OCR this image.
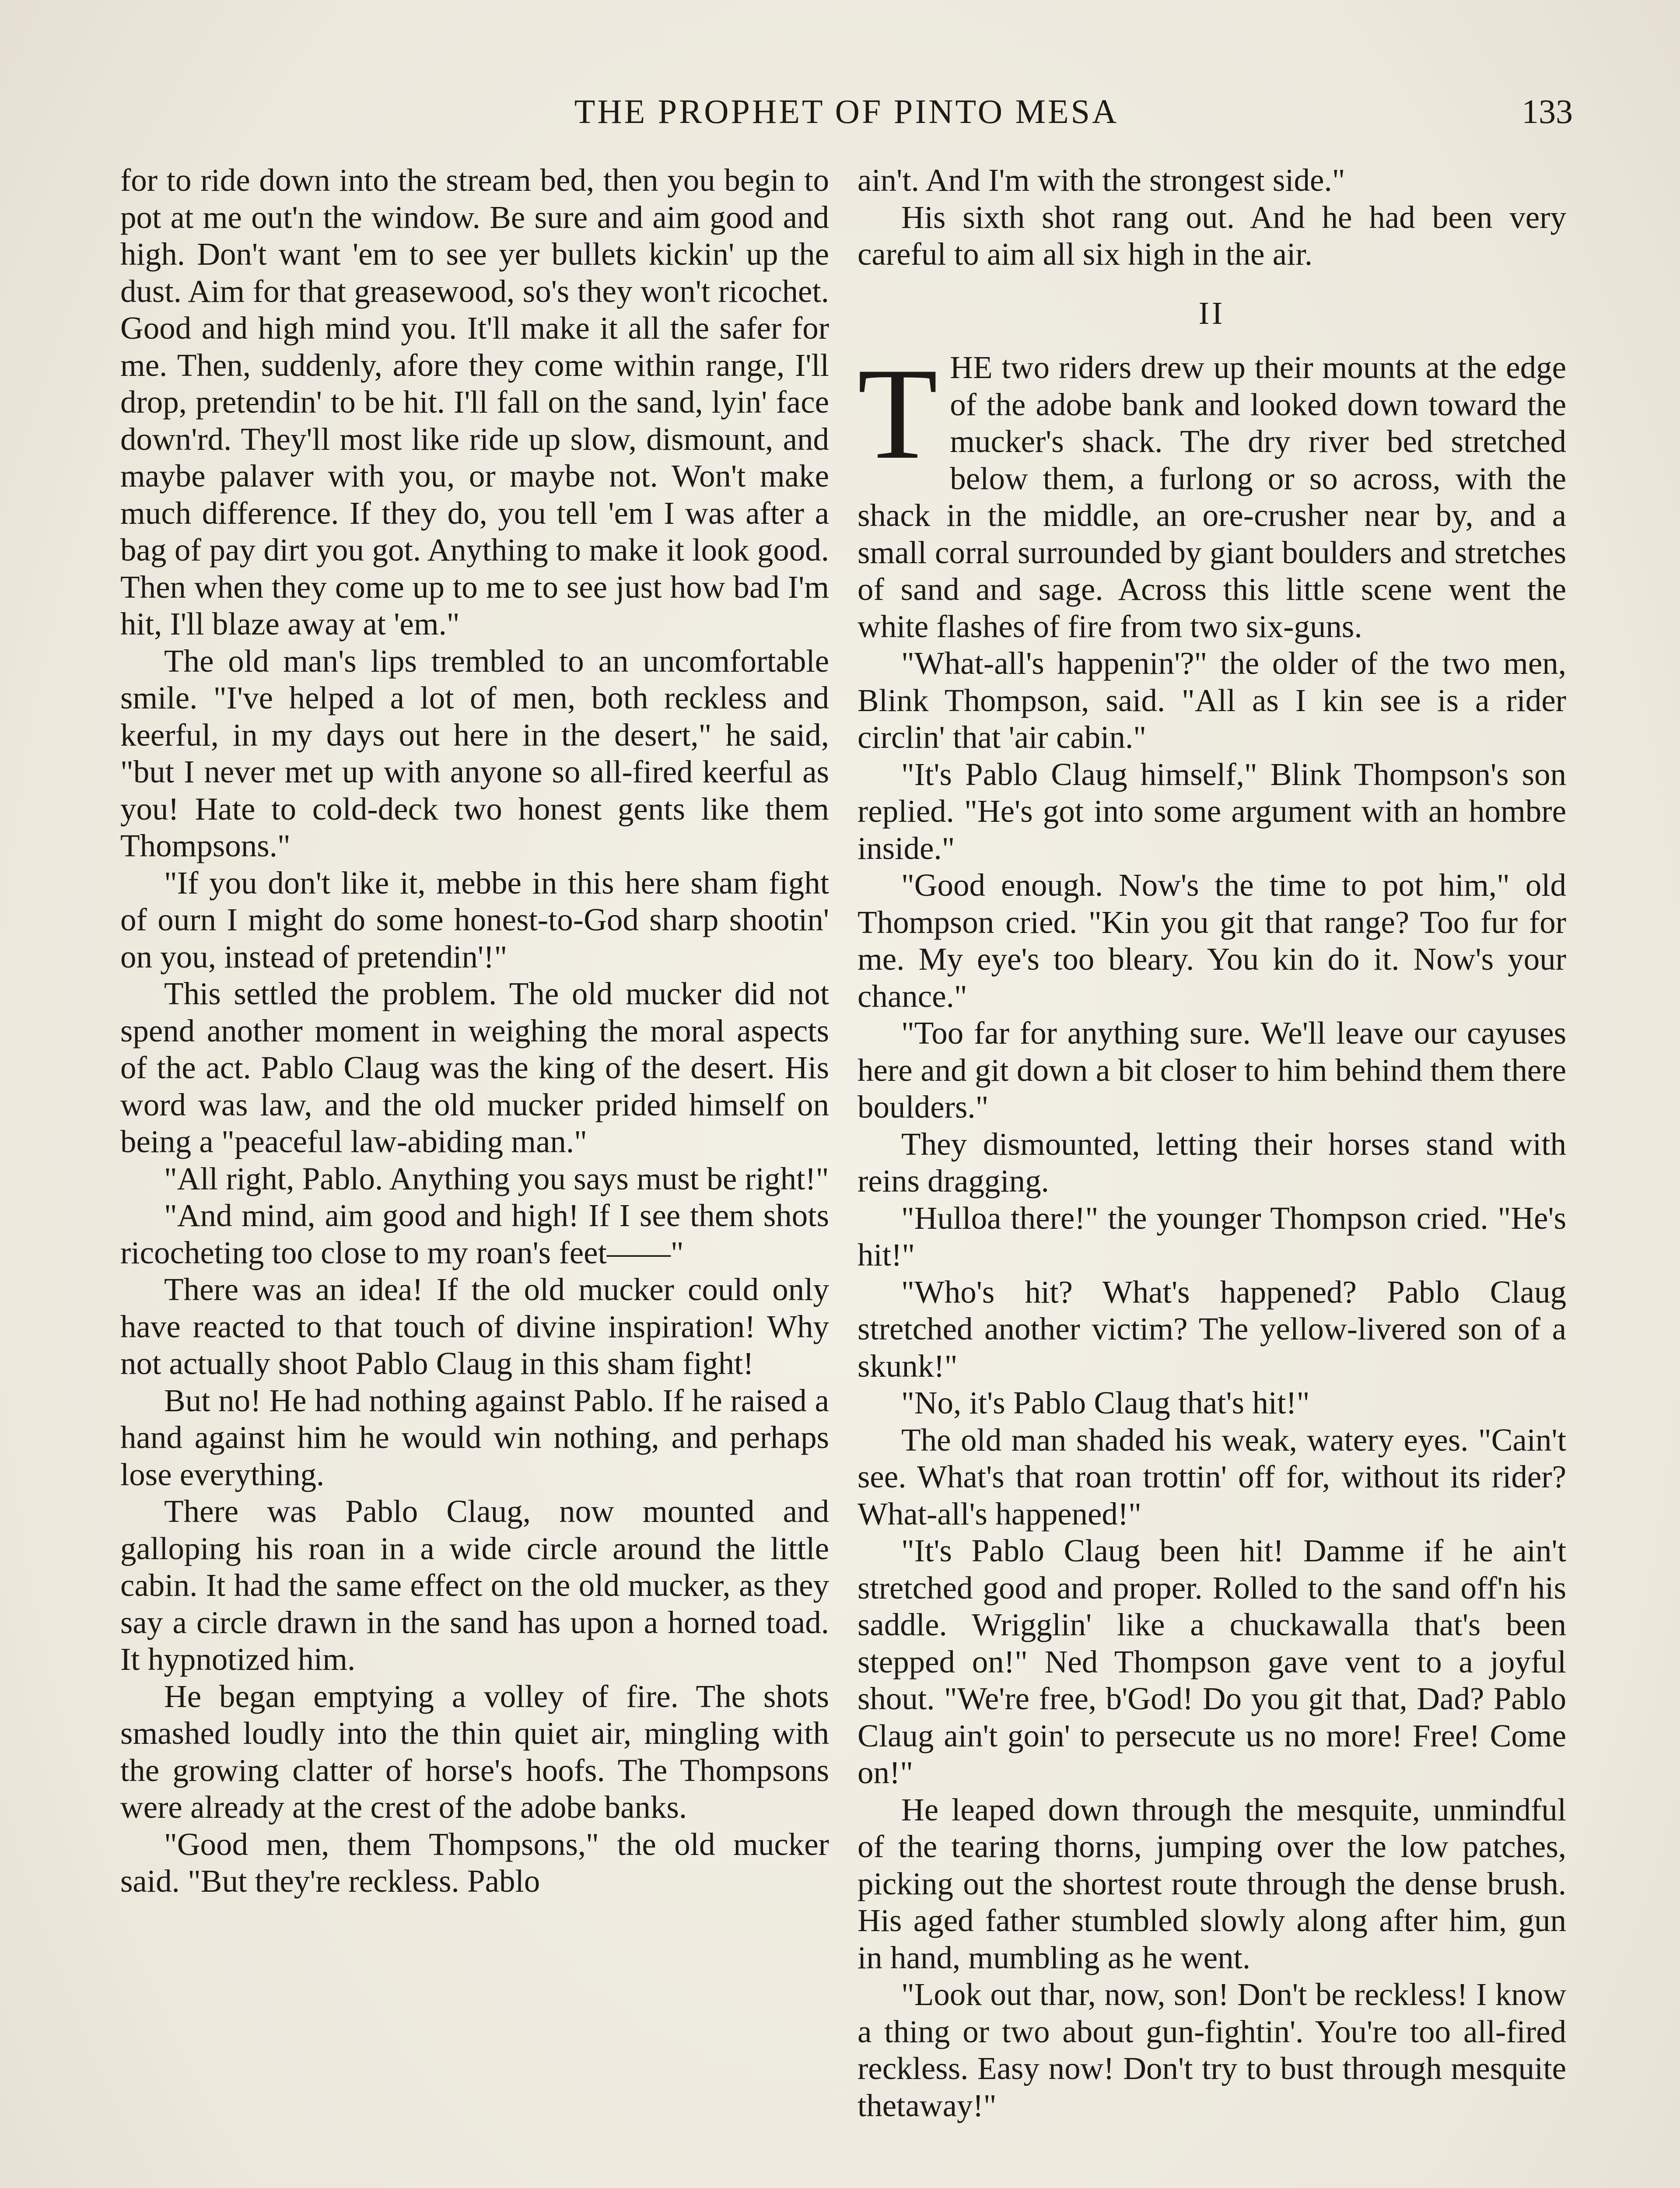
THE PROPHET OF PINTO MESA	133

for to ride down into the stream bed, then you begin to pot at me out'n the window. Be sure and aim good and high. Don't want 'em to see yer bullets kickin' up the dust. Aim for that greasewood, so's they won't ricochet. Good and high mind you. It'll make it all the safer for me. Then, suddenly, afore they come within range, I'll drop, pretendin' to be hit. I'll fall on the sand, lyin' face down'rd. They'll most like ride up slow, dismount, and maybe palaver with you, or maybe not. Won't make much difference. If they do, you tell 'em I was after a bag of pay dirt you got. Anything to make it look good. Then when they come up to me to see just how bad I'm hit, I'll blaze away at 'em."

The old man's lips trembled to an uncomfortable smile. "I've helped a lot of men, both reckless and keerful, in my days out here in the desert," he said, "but I never met up with anyone so all-fired keerful as you! Hate to cold-deck two honest gents like them Thompsons."

"If you don't like it, mebbe in this here sham fight of ourn I might do some honest-to-God sharp shootin' on you, instead of pretendin'!"

This settled the problem. The old mucker did not spend another moment in weighing the moral aspects of the act. Pablo Claug was the king of the desert. His word was law, and the old mucker prided himself on being a "peaceful law-abiding man."

"All right, Pablo. Anything you says must be right!"

"And mind, aim good and high! If I see them shots ricocheting too close to my roan's feet——"

There was an idea! If the old mucker could only have reacted to that touch of divine inspiration! Why not actually shoot Pablo Claug in this sham fight!

But no! He had nothing against Pablo. If he raised a hand against him he would win nothing, and perhaps lose everything.

There was Pablo Claug, now mounted and galloping his roan in a wide circle around the little cabin. It had the same effect on the old mucker, as they say a circle drawn in the sand has upon a horned toad. It hypnotized him.

He began emptying a volley of fire. The shots smashed loudly into the thin quiet air, mingling with the growing clatter of horse's hoofs. The Thompsons were already at the crest of the adobe banks.

"Good men, them Thompsons," the old mucker said. "But they're reckless. Pablo

ain't. And I'm with the strongest side."

His sixth shot rang out. And he had been very careful to aim all six high in the air.

II

THE two riders drew up their mounts at the edge of the adobe bank and looked down toward the mucker's shack. The dry river bed stretched below them, a furlong or so across, with the shack in the middle, an ore-crusher near by, and a small corral surrounded by giant boulders and stretches of sand and sage. Across this little scene went the white flashes of fire from two six-guns.

"What-all's happenin'?" the older of the two men, Blink Thompson, said. "All as I kin see is a rider circlin' that 'air cabin."

"It's Pablo Claug himself," Blink Thompson's son replied. "He's got into some argument with an hombre inside."

"Good enough. Now's the time to pot him," old Thompson cried. "Kin you git that range? Too fur for me. My eye's too bleary. You kin do it. Now's your chance."

"Too far for anything sure. We'll leave our cayuses here and git down a bit closer to him behind them there boulders."

They dismounted, letting their horses stand with reins dragging.

"Hulloa there!" the younger Thompson cried. "He's hit!"

"Who's hit? What's happened? Pablo Claug stretched another victim? The yellow-livered son of a skunk!"

"No, it's Pablo Claug that's hit!"

The old man shaded his weak, watery eyes. "Cain't see. What's that roan trottin' off for, without its rider? What-all's happened!"

"It's Pablo Claug been hit! Damme if he ain't stretched good and proper. Rolled to the sand off'n his saddle. Wrigglin' like a chuckawalla that's been stepped on!" Ned Thompson gave vent to a joyful shout. "We're free, b'God! Do you git that, Dad? Pablo Claug ain't goin' to persecute us no more! Free! Come on!"

He leaped down through the mesquite, unmindful of the tearing thorns, jumping over the low patches, picking out the shortest route through the dense brush. His aged father stumbled slowly along after him, gun in hand, mumbling as he went.

"Look out thar, now, son! Don't be reckless! I know a thing or two about gun-fightin'. You're too all-fired reckless. Easy now! Don't try to bust through mesquite thetaway!"
